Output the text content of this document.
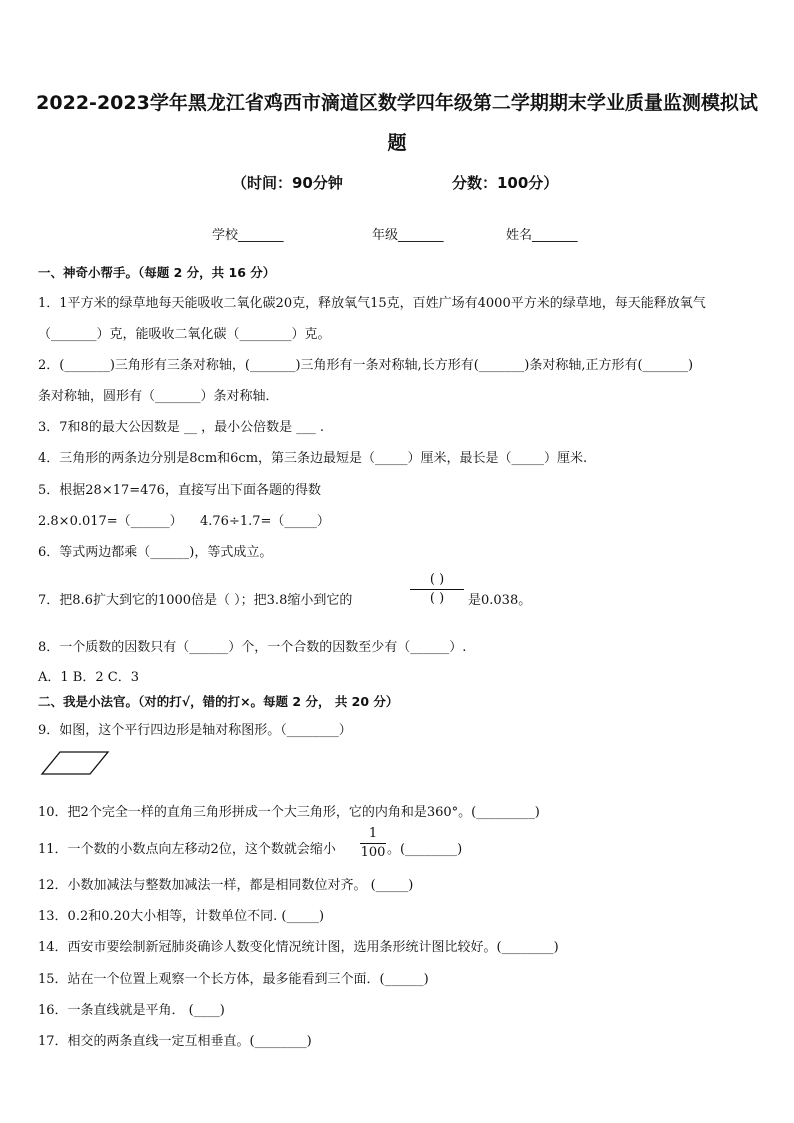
2022-2023学年黑龙江省鸡西市滴道区数学四年级第二学期期末学业质量监测模拟试
题
（时间：90分钟	分数：100分）
学校_______	年级_______	姓名_______
一、神奇小帮手。（每题 2 分，共 16 分）
1．1平方米的绿草地每天能吸收二氧化碳20克，释放氧气15克，百姓广场有4000平方米的绿草地，每天能释放氧气
（_______）克，能吸收二氧化碳（________）克。
2．(_______)三角形有三条对称轴，(_______)三角形有一条对称轴,长方形有(_______)条对称轴,正方形有(_______)
条对称轴，圆形有（_______）条对称轴．
3．7和8的最大公因数是 __ ，最小公倍数是 ___ .
4．三角形的两条边分别是8cm和6cm，第三条边最短是（_____）厘米，最长是（_____）厘米.
5．根据28×17=476，直接写出下面各题的得数
2.8×0.017=（______） 4.76÷1.7=（_____）
6．等式两边都乘（______)，等式成立。
7．把8.6扩大到它的1000倍是（ ）；把3.8缩小到它的
( )
( )	是0.038。
8．一个质数的因数只有（______）个，一个合数的因数至少有（______）.
A．1 B．2 C．3
二、我是小法官。（对的打√，错的打×。每题 2 分， 共 20 分）
9．如图，这个平行四边形是轴对称图形。（________）
10．把2个完全一样的直角三角形拼成一个大三角形，它的内角和是360°。(_________)
11．一个数的小数点向左移动2位，这个数就会缩小
1
100 。(________)
12．小数加减法与整数加减法一样，都是相同数位对齐。 (_____)
13．0.2和0.20大小相等，计数单位不同. (_____)
14．西安市要绘制新冠肺炎确诊人数变化情况统计图，选用条形统计图比较好。(________)
15．站在一个位置上观察一个长方体，最多能看到三个面．(______)
16．一条直线就是平角． (____)
17．相交的两条直线一定互相垂直。(________)
